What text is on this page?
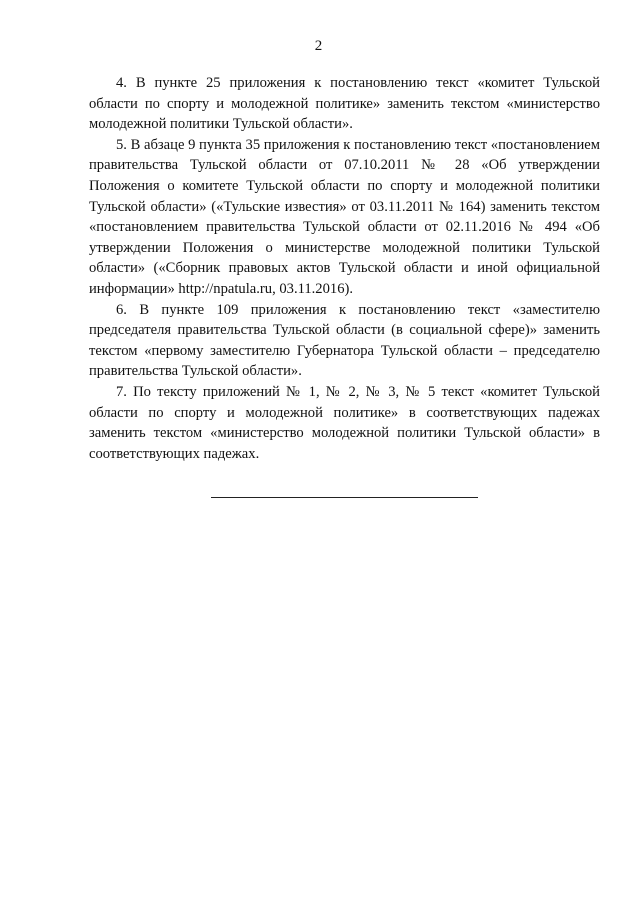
2

4. В пункте 25 приложения к постановлению текст «комитет Тульской области по спорту и молодежной политике» заменить текстом «министерство молодежной политики Тульской области».

5. В абзаце 9 пункта 35 приложения к постановлению текст «постановлением правительства Тульской области от 07.10.2011 № 28 «Об утверждении Положения о комитете Тульской области по спорту и молодежной политики Тульской области» («Тульские известия» от 03.11.2011 № 164) заменить текстом «постановлением правительства Тульской области от 02.11.2016 № 494 «Об утверждении Положения о министерстве молодежной политики Тульской области» («Сборник правовых актов Тульской области и иной официальной информации» http://npatula.ru, 03.11.2016).

6. В пункте 109 приложения к постановлению текст «заместителю председателя правительства Тульской области (в социальной сфере)» заменить текстом «первому заместителю Губернатора Тульской области – председателю правительства Тульской области».

7. По тексту приложений № 1, № 2, № 3, № 5 текст «комитет Тульской области по спорту и молодежной политике» в соответствующих падежах заменить текстом «министерство молодежной политики Тульской области» в соответствующих падежах.
